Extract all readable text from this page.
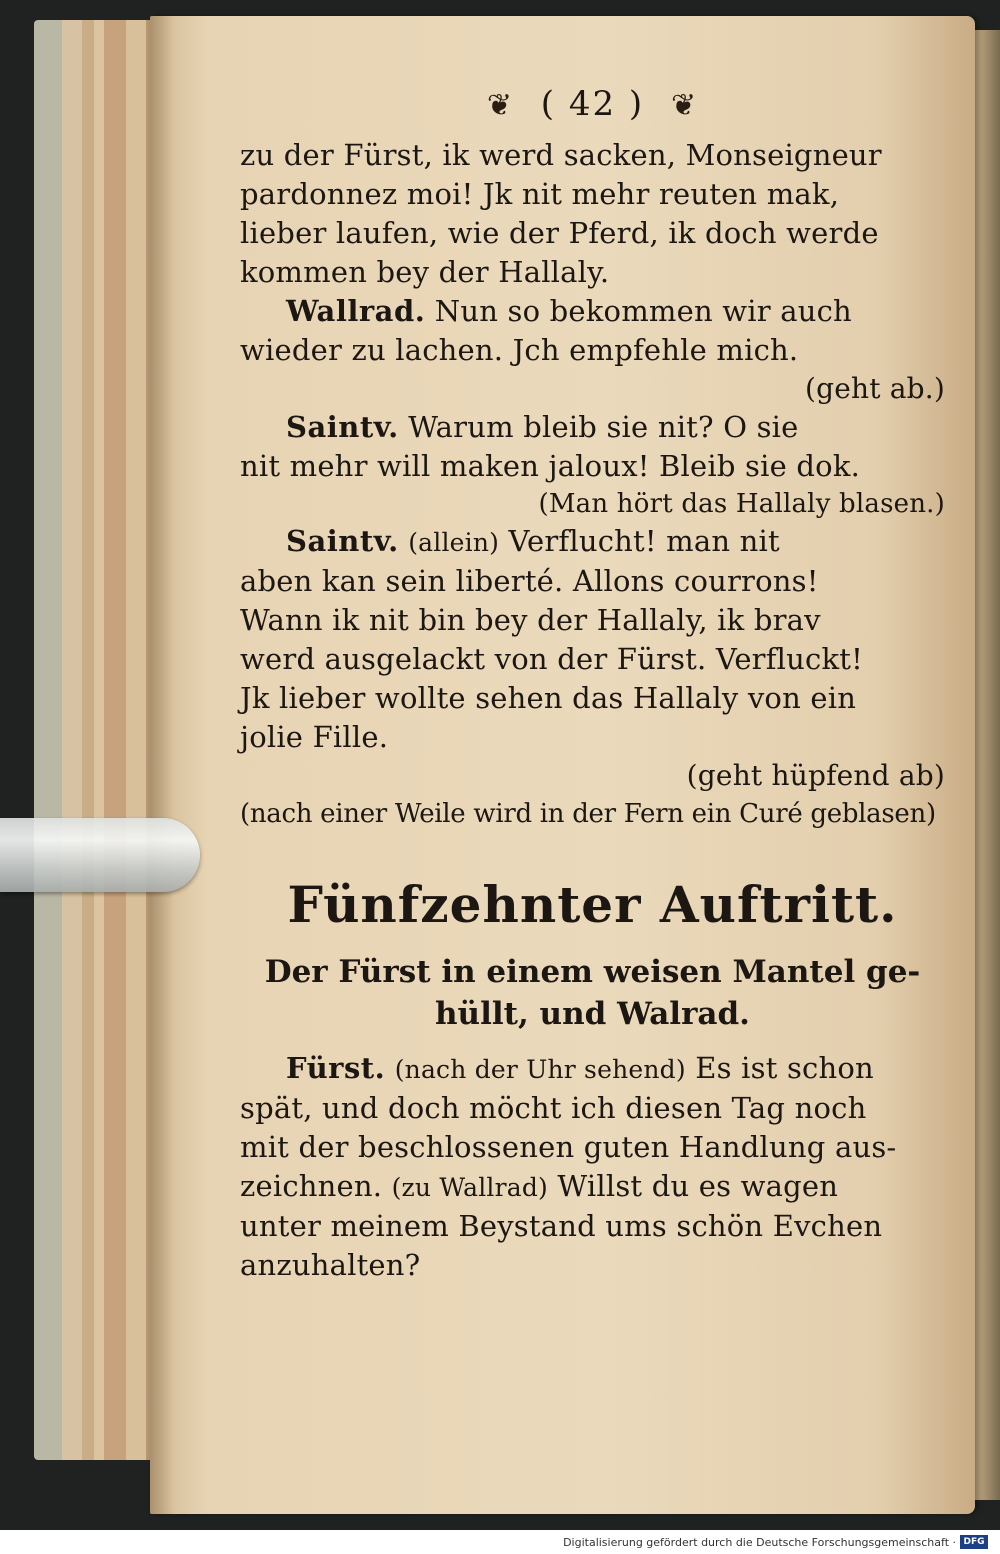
❦ ( 42 ) ❦

zu der Fürst, ik werd sacken, Monseigneur

pardonnez moi! Jk nit mehr reuten mak,

lieber laufen, wie der Pferd, ik doch werde

kommen bey der Hallaly.

Wallrad. Nun so bekommen wir auch

wieder zu lachen. Jch empfehle mich.

(geht ab.)

Saintv. Warum bleib sie nit? O sie

nit mehr will maken jaloux! Bleib sie dok.

(Man hört das Hallaly blasen.)

Saintv. (allein) Verflucht! man nit

aben kan sein liberté. Allons courrons!

Wann ik nit bin bey der Hallaly, ik brav

werd ausgelackt von der Fürst. Verfluckt!

Jk lieber wollte sehen das Hallaly von ein

jolie Fille.

(geht hüpfend ab)

(nach einer Weile wird in der Fern ein Curé geblasen)

Fünfzehnter Auftritt.
Der Fürst in einem weisen Mantel ge-
hüllt, und Walrad.

Fürst. (nach der Uhr sehend) Es ist schon

spät, und doch möcht ich diesen Tag noch

mit der beschlossenen guten Handlung aus-

zeichnen. (zu Wallrad) Willst du es wagen

unter meinem Beystand ums schön Evchen

anzuhalten?

Digitalisierung gefördert durch die Deutsche Forschungsgemeinschaft · DFG
